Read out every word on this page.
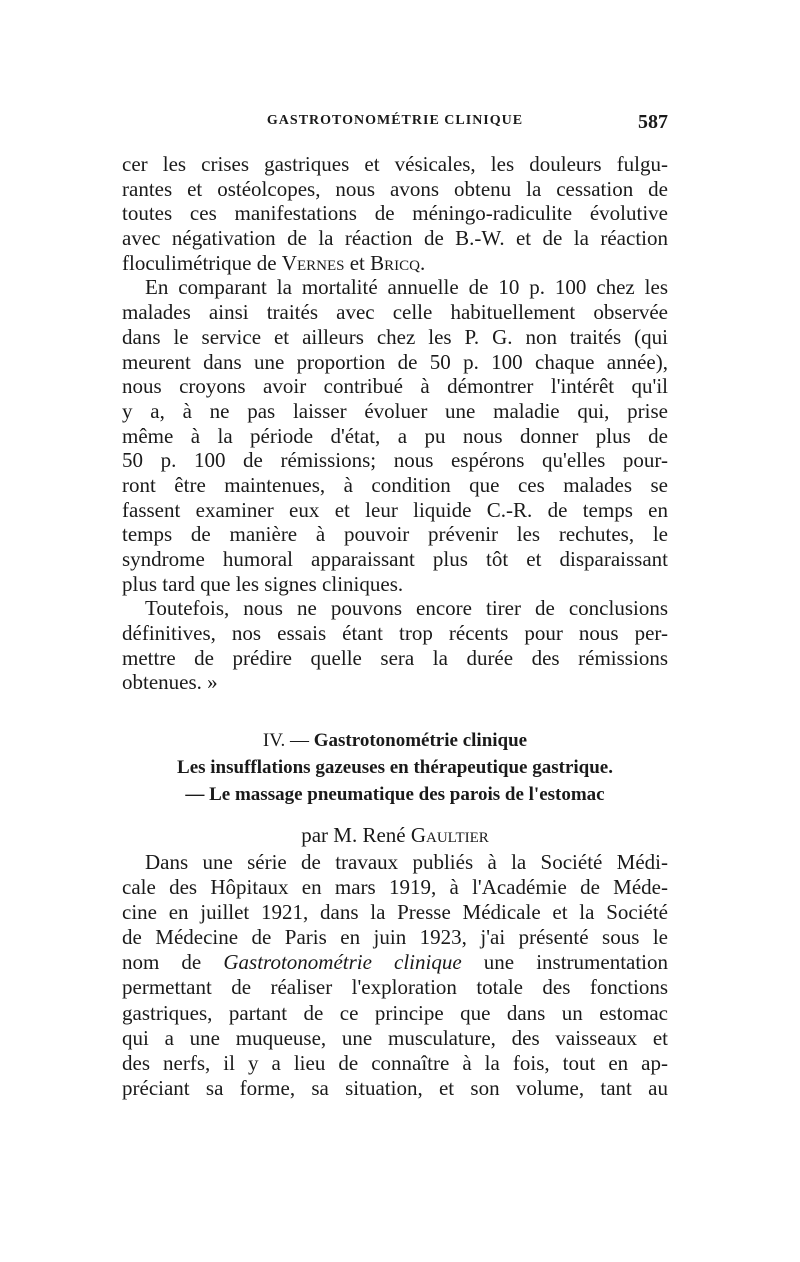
GASTROTONOMÉTRIE CLINIQUE	587
cer les crises gastriques et vésicales, les douleurs fulgu-
rantes et ostéolcopes, nous avons obtenu la cessation de
toutes ces manifestations de méningo-radiculite évolutive
avec négativation de la réaction de B.-W. et de la réaction
floculimétrique de Vernes et Bricq.
En comparant la mortalité annuelle de 10 p. 100 chez les
malades ainsi traités avec celle habituellement observée
dans le service et ailleurs chez les P. G. non traités (qui
meurent dans une proportion de 50 p. 100 chaque année),
nous croyons avoir contribué à démontrer l'intérêt qu'il
y a, à ne pas laisser évoluer une maladie qui, prise
même à la période d'état, a pu nous donner plus de
50 p. 100 de rémissions; nous espérons qu'elles pour-
ront être maintenues, à condition que ces malades se
fassent examiner eux et leur liquide C.-R. de temps en
temps de manière à pouvoir prévenir les rechutes, le
syndrome humoral apparaissant plus tôt et disparaissant
plus tard que les signes cliniques.
Toutefois, nous ne pouvons encore tirer de conclusions
définitives, nos essais étant trop récents pour nous per-
mettre de prédire quelle sera la durée des rémissions
obtenues. »
IV. — Gastrotonométrie clinique
Les insufflations gazeuses en thérapeutique gastrique.
— Le massage pneumatique des parois de l'estomac
par M. René Gaultier
Dans une série de travaux publiés à la Société Médi-
cale des Hôpitaux en mars 1919, à l'Académie de Méde-
cine en juillet 1921, dans la Presse Médicale et la Société
de Médecine de Paris en juin 1923, j'ai présenté sous le
nom de Gastrotonométrie clinique une instrumentation
permettant de réaliser l'exploration totale des fonctions
gastriques, partant de ce principe que dans un estomac
qui a une muqueuse, une musculature, des vaisseaux et
des nerfs, il y a lieu de connaître à la fois, tout en ap-
préciant sa forme, sa situation, et son volume, tant au
